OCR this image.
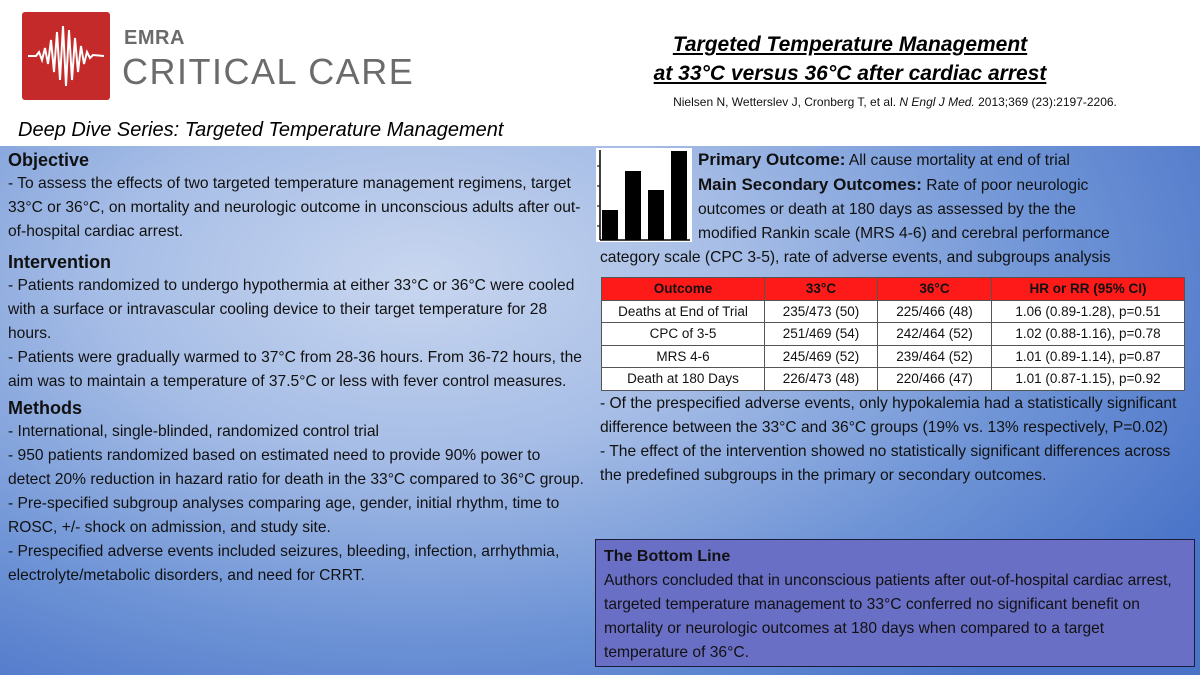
EMRA
CRITICAL CARE
Targeted Temperature Management
at 33°C versus 36°C after cardiac arrest
Nielsen N, Wetterslev J, Cronberg T, et al. N Engl J Med. 2013;369 (23):2197-2206.
Deep Dive Series: Targeted Temperature Management
Objective

- To assess the effects of two targeted temperature management regimens, target 33°C or 36°C, on mortality and neurologic outcome in unconscious adults after out-of-hospital cardiac arrest.

Intervention

- Patients randomized to undergo hypothermia at either 33°C or 36°C were cooled with a surface or intravascular cooling device to their target temperature for 28 hours.

- Patients were gradually warmed to 37°C from 28-36 hours. From 36-72 hours, the aim was to maintain a temperature of 37.5°C or less with fever control measures.

Methods

- International, single-blinded, randomized control trial

- 950 patients randomized based on estimated need to provide 90% power to detect 20% reduction in hazard ratio for death in the 33°C compared to 36°C group.

- Pre-specified subgroup analyses comparing age, gender, initial rhythm, time to ROSC, +/- shock on admission, and study site.

- Prespecified adverse events included seizures, bleeding, infection, arrhythmia, electrolyte/metabolic disorders, and need for CRRT.

Primary Outcome: All cause mortality at end of trial
Main Secondary Outcomes: Rate of poor neurologic
outcomes or death at 180 days as assessed by the the
modified Rankin scale (MRS 4-6) and cerebral performance
category scale (CPC 3-5), rate of adverse events, and subgroups analysis
Outcome	33°C	36°C	HR or RR (95% CI)
Deaths at End of Trial	235/473 (50)	225/466 (48)	1.06 (0.89-1.28), p=0.51
CPC of 3-5	251/469 (54)	242/464 (52)	1.02 (0.88-1.16), p=0.78
MRS 4-6	245/469 (52)	239/464 (52)	1.01 (0.89-1.14), p=0.87
Death at 180 Days	226/473 (48)	220/466 (47)	1.01 (0.87-1.15), p=0.92

- Of the prespecified adverse events, only hypokalemia had a statistically significant difference between the 33°C and 36°C groups (19% vs. 13% respectively, P=0.02)

- The effect of the intervention showed no statistically significant differences across the predefined subgroups in the primary or secondary outcomes.

The Bottom Line

Authors concluded that in unconscious patients after out-of-hospital cardiac arrest, targeted temperature management to 33°C conferred no significant benefit on mortality or neurologic outcomes at 180 days when compared to a target temperature of 36°C.
